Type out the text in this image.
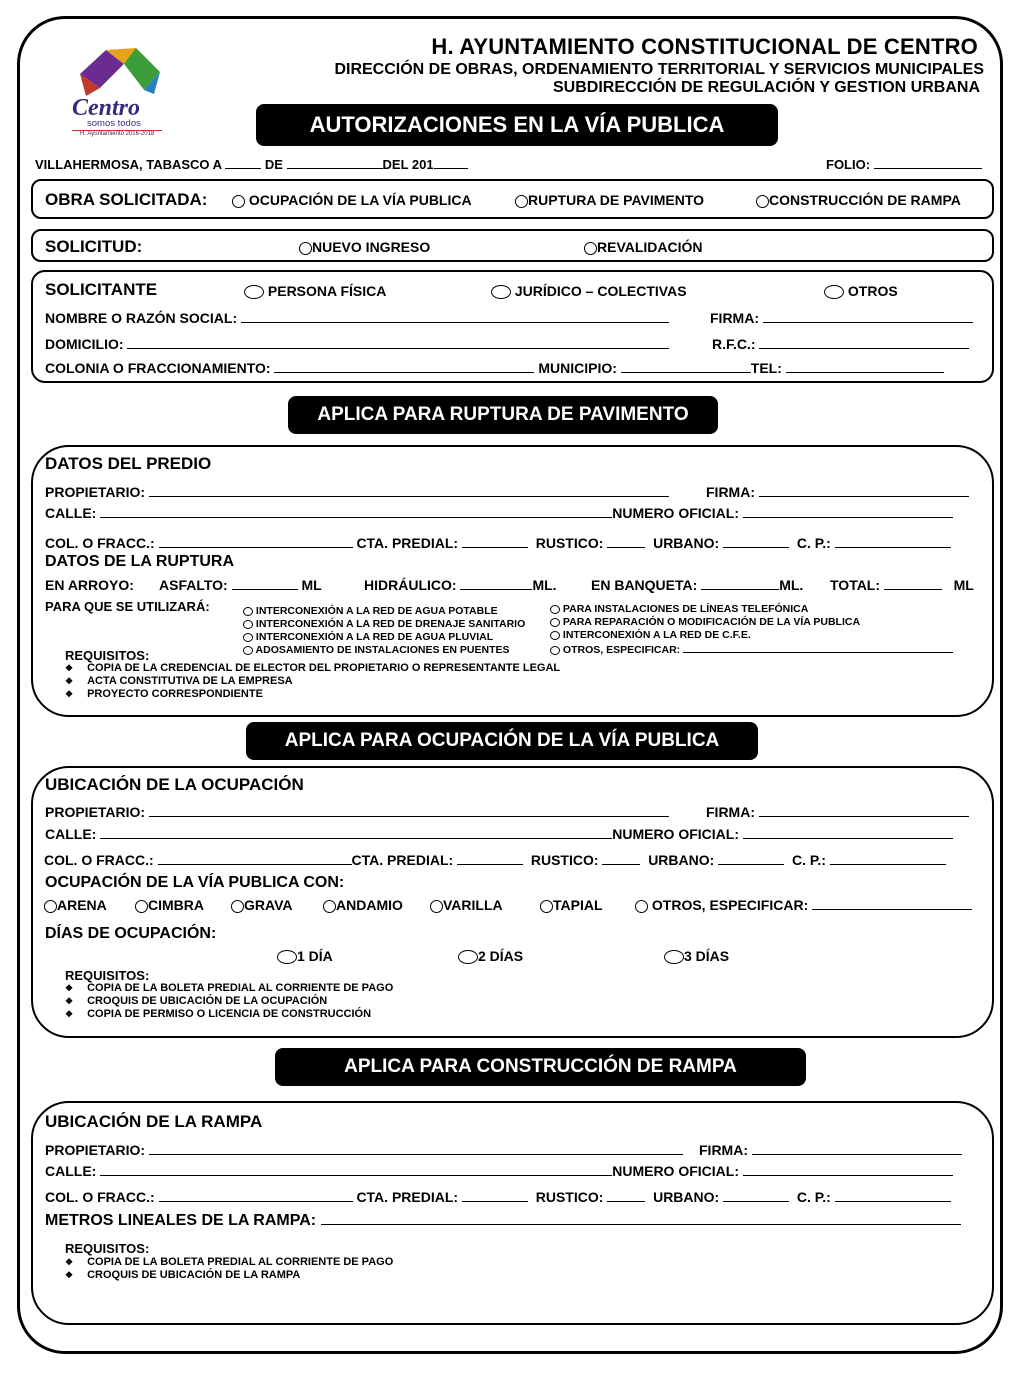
Centro
somos todos
H. Ayuntamiento 2016-2018
H. AYUNTAMIENTO CONSTITUCIONAL DE CENTRO
DIRECCIÓN DE OBRAS, ORDENAMIENTO TERRITORIAL Y SERVICIOS MUNICIPALES
SUBDIRECCIÓN DE REGULACIÓN Y GESTION URBANA
AUTORIZACIONES EN LA VÍA PUBLICA
VILLAHERMOSA, TABASCO A	DE	DEL 201	FOLIO:
OBRA SOLICITADA:	OCUPACIÓN DE LA VÍA PUBLICA	RUPTURA DE PAVIMENTO	CONSTRUCCIÓN DE RAMPA
SOLICITUD:	NUEVO INGRESO	REVALIDACIÓN
SOLICITANTE	PERSONA FÍSICA	JURÍDICO – COLECTIVAS	OTROS
NOMBRE O RAZÓN SOCIAL:	FIRMA:
DOMICILIO:	R.F.C.:
COLONIA O FRACCIONAMIENTO:	MUNICIPIO:	TEL:
APLICA PARA RUPTURA DE PAVIMENTO
DATOS DEL PREDIO
PROPIETARIO:	FIRMA:
CALLE:	NUMERO OFICIAL:
COL. O FRACC.:	CTA. PREDIAL:	RUSTICO:	URBANO:	C. P.:
DATOS DE LA RUPTURA
EN ARROYO: ASFALTO:	ML	HIDRÁULICO:	ML. EN BANQUETA:	ML. TOTAL:	ML
PARA QUE SE UTILIZARÁ:	INTERCONEXIÓN A LA RED DE AGUA POTABLE
INTERCONEXIÓN A LA RED DE DRENAJE SANITARIO
INTERCONEXIÓN A LA RED DE AGUA PLUVIAL
ADOSAMIENTO DE INSTALACIONES EN PUENTES
PARA INSTALACIONES DE LÍNEAS TELEFÓNICA
PARA REPARACIÓN O MODIFICACIÓN DE LA VÍA PUBLICA
INTERCONEXIÓN A LA RED DE C.F.E.
OTROS, ESPECIFICAR:
REQUISITOS:
❖ COPIA DE LA CREDENCIAL DE ELECTOR DEL PROPIETARIO O REPRESENTANTE LEGAL
❖ ACTA CONSTITUTIVA DE LA EMPRESA
❖ PROYECTO CORRESPONDIENTE
APLICA PARA OCUPACIÓN DE LA VÍA PUBLICA
UBICACIÓN DE LA OCUPACIÓN
PROPIETARIO:	FIRMA:
CALLE:	NUMERO OFICIAL:
COL. O FRACC.:	CTA. PREDIAL:	RUSTICO:	URBANO:	C. P.:
OCUPACIÓN DE LA VÍA PUBLICA CON:
ARENA	CIMBRA	GRAVA	ANDAMIO	VARILLA	TAPIAL	OTROS, ESPECIFICAR:
DÍAS DE OCUPACIÓN:
1 DÍA	2 DÍAS	3 DÍAS
REQUISITOS:
❖ COPIA DE LA BOLETA PREDIAL AL CORRIENTE DE PAGO
❖ CROQUIS DE UBICACIÓN DE LA OCUPACIÓN
❖ COPIA DE PERMISO O LICENCIA DE CONSTRUCCIÓN
APLICA PARA CONSTRUCCIÓN DE RAMPA
UBICACIÓN DE LA RAMPA
PROPIETARIO:	FIRMA:
CALLE:	NUMERO OFICIAL:
COL. O FRACC.:	CTA. PREDIAL:	RUSTICO:	URBANO:	C. P.:
METROS LINEALES DE LA RAMPA:
REQUISITOS:
❖ COPIA DE LA BOLETA PREDIAL AL CORRIENTE DE PAGO
❖ CROQUIS DE UBICACIÓN DE LA RAMPA
